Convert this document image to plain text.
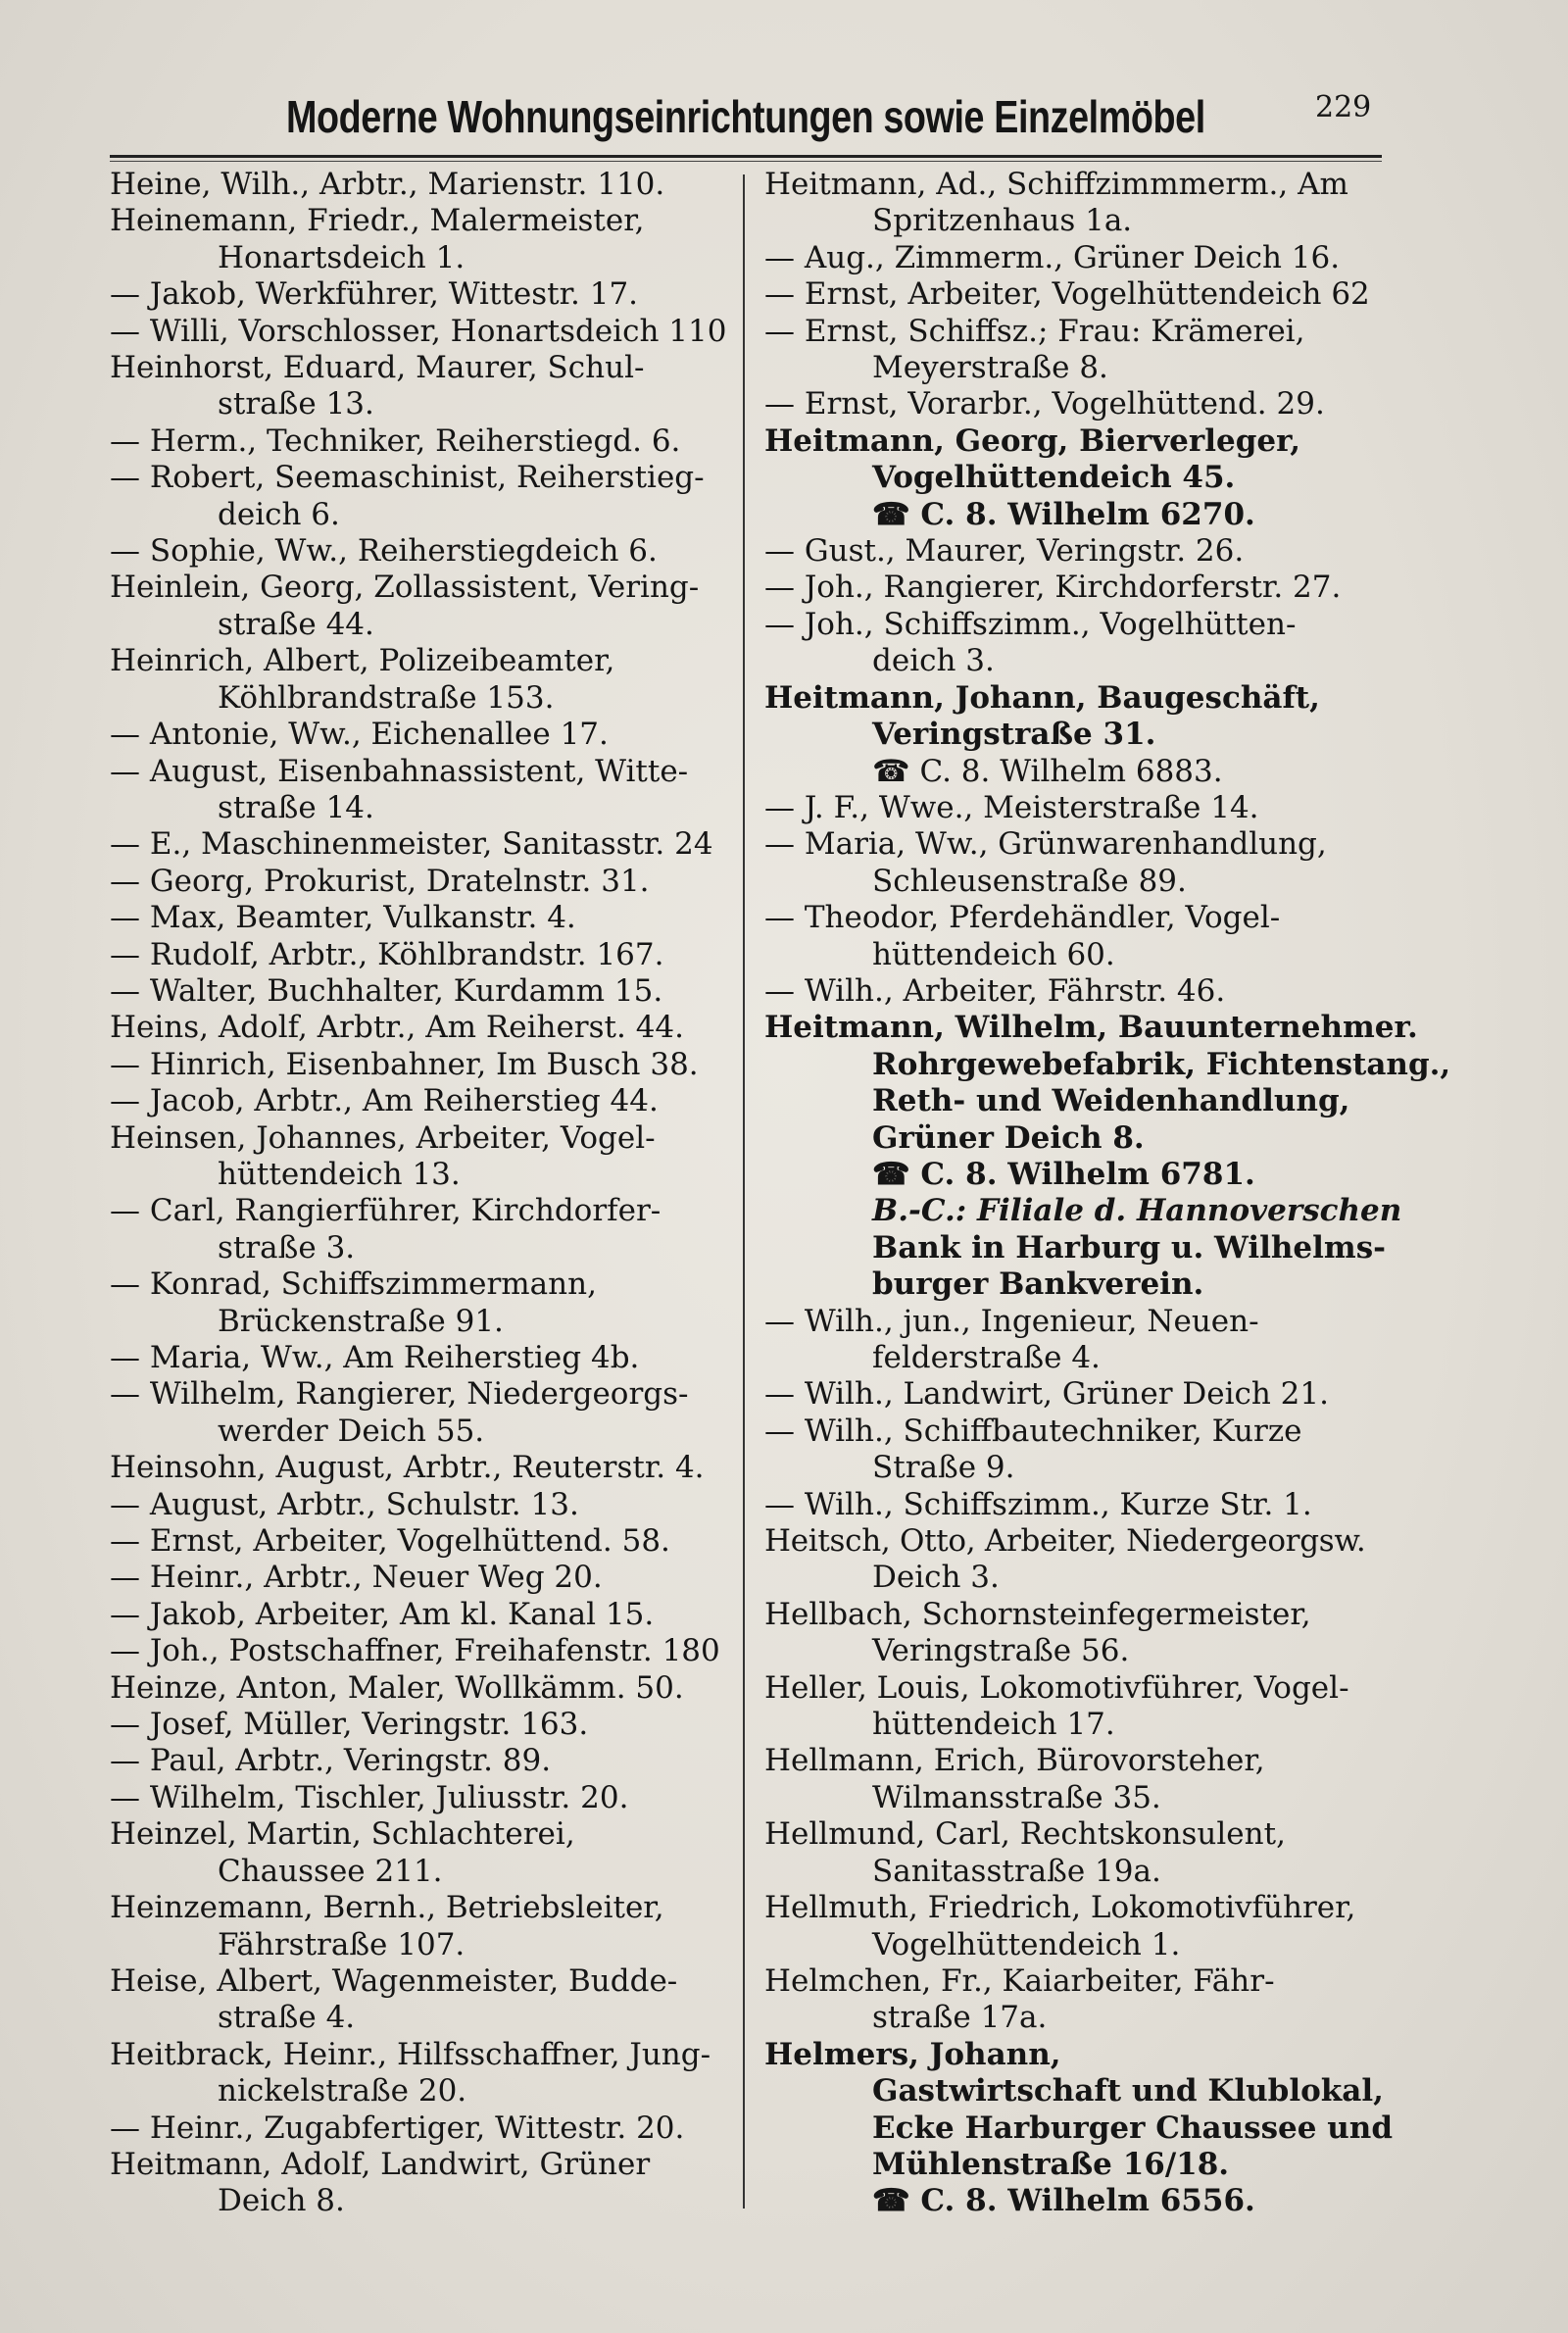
Moderne Wohnungseinrichtungen sowie Einzelmöbel	229

Heine, Wilh., Arbtr., Marienstr. 110.

Heinemann, Friedr., Malermeister,

Honartsdeich 1.

— Jakob, Werkführer, Wittestr. 17.

— Willi, Vorschlosser, Honartsdeich 110

Heinhorst, Eduard, Maurer, Schul-

straße 13.

— Herm., Techniker, Reiherstiegd. 6.

— Robert, Seemaschinist, Reiherstieg-

deich 6.

— Sophie, Ww., Reiherstiegdeich 6.

Heinlein, Georg, Zollassistent, Vering-

straße 44.

Heinrich, Albert, Polizeibeamter,

Köhlbrandstraße 153.

— Antonie, Ww., Eichenallee 17.

— August, Eisenbahnassistent, Witte-

straße 14.

— E., Maschinenmeister, Sanitasstr. 24

— Georg, Prokurist, Dratelnstr. 31.

— Max, Beamter, Vulkanstr. 4.

— Rudolf, Arbtr., Köhlbrandstr. 167.

— Walter, Buchhalter, Kurdamm 15.

Heins, Adolf, Arbtr., Am Reiherst. 44.

— Hinrich, Eisenbahner, Im Busch 38.

— Jacob, Arbtr., Am Reiherstieg 44.

Heinsen, Johannes, Arbeiter, Vogel-

hüttendeich 13.

— Carl, Rangierführer, Kirchdorfer-

straße 3.

— Konrad, Schiffszimmermann,

Brückenstraße 91.

— Maria, Ww., Am Reiherstieg 4b.

— Wilhelm, Rangierer, Niedergeorgs-

werder Deich 55.

Heinsohn, August, Arbtr., Reuterstr. 4.

— August, Arbtr., Schulstr. 13.

— Ernst, Arbeiter, Vogelhüttend. 58.

— Heinr., Arbtr., Neuer Weg 20.

— Jakob, Arbeiter, Am kl. Kanal 15.

— Joh., Postschaffner, Freihafenstr. 180

Heinze, Anton, Maler, Wollkämm. 50.

— Josef, Müller, Veringstr. 163.

— Paul, Arbtr., Veringstr. 89.

— Wilhelm, Tischler, Juliusstr. 20.

Heinzel, Martin, Schlachterei,

Chaussee 211.

Heinzemann, Bernh., Betriebsleiter,

Fährstraße 107.

Heise, Albert, Wagenmeister, Budde-

straße 4.

Heitbrack, Heinr., Hilfsschaffner, Jung-

nickelstraße 20.

— Heinr., Zugabfertiger, Wittestr. 20.

Heitmann, Adolf, Landwirt, Grüner

Deich 8.

Heitmann, Ad., Schiffzimmmerm., Am

Spritzenhaus 1a.

— Aug., Zimmerm., Grüner Deich 16.

— Ernst, Arbeiter, Vogelhüttendeich 62

— Ernst, Schiffsz.; Frau: Krämerei,

Meyerstraße 8.

— Ernst, Vorarbr., Vogelhüttend. 29.

Heitmann, Georg, Bierverleger,

Vogelhüttendeich 45.

☎ C. 8. Wilhelm 6270.

— Gust., Maurer, Veringstr. 26.

— Joh., Rangierer, Kirchdorferstr. 27.

— Joh., Schiffszimm., Vogelhütten-

deich 3.

Heitmann, Johann, Baugeschäft,

Veringstraße 31.

☎ C. 8. Wilhelm 6883.

— J. F., Wwe., Meisterstraße 14.

— Maria, Ww., Grünwarenhandlung,

Schleusenstraße 89.

— Theodor, Pferdehändler, Vogel-

hüttendeich 60.

— Wilh., Arbeiter, Fährstr. 46.

Heitmann, Wilhelm, Bauunternehmer.

Rohrgewebefabrik, Fichtenstang.,

Reth- und Weidenhandlung,

Grüner Deich 8.

☎ C. 8. Wilhelm 6781.

B.-C.: Filiale d. Hannoverschen

Bank in Harburg u. Wilhelms-

burger Bankverein.

— Wilh., jun., Ingenieur, Neuen-

felderstraße 4.

— Wilh., Landwirt, Grüner Deich 21.

— Wilh., Schiffbautechniker, Kurze

Straße 9.

— Wilh., Schiffszimm., Kurze Str. 1.

Heitsch, Otto, Arbeiter, Niedergeorgsw.

Deich 3.

Hellbach, Schornsteinfegermeister,

Veringstraße 56.

Heller, Louis, Lokomotivführer, Vogel-

hüttendeich 17.

Hellmann, Erich, Bürovorsteher,

Wilmansstraße 35.

Hellmund, Carl, Rechtskonsulent,

Sanitasstraße 19a.

Hellmuth, Friedrich, Lokomotivführer,

Vogelhüttendeich 1.

Helmchen, Fr., Kaiarbeiter, Fähr-

straße 17a.

Helmers, Johann,

Gastwirtschaft und Klublokal,

Ecke Harburger Chaussee und

Mühlenstraße 16/18.

☎ C. 8. Wilhelm 6556.
